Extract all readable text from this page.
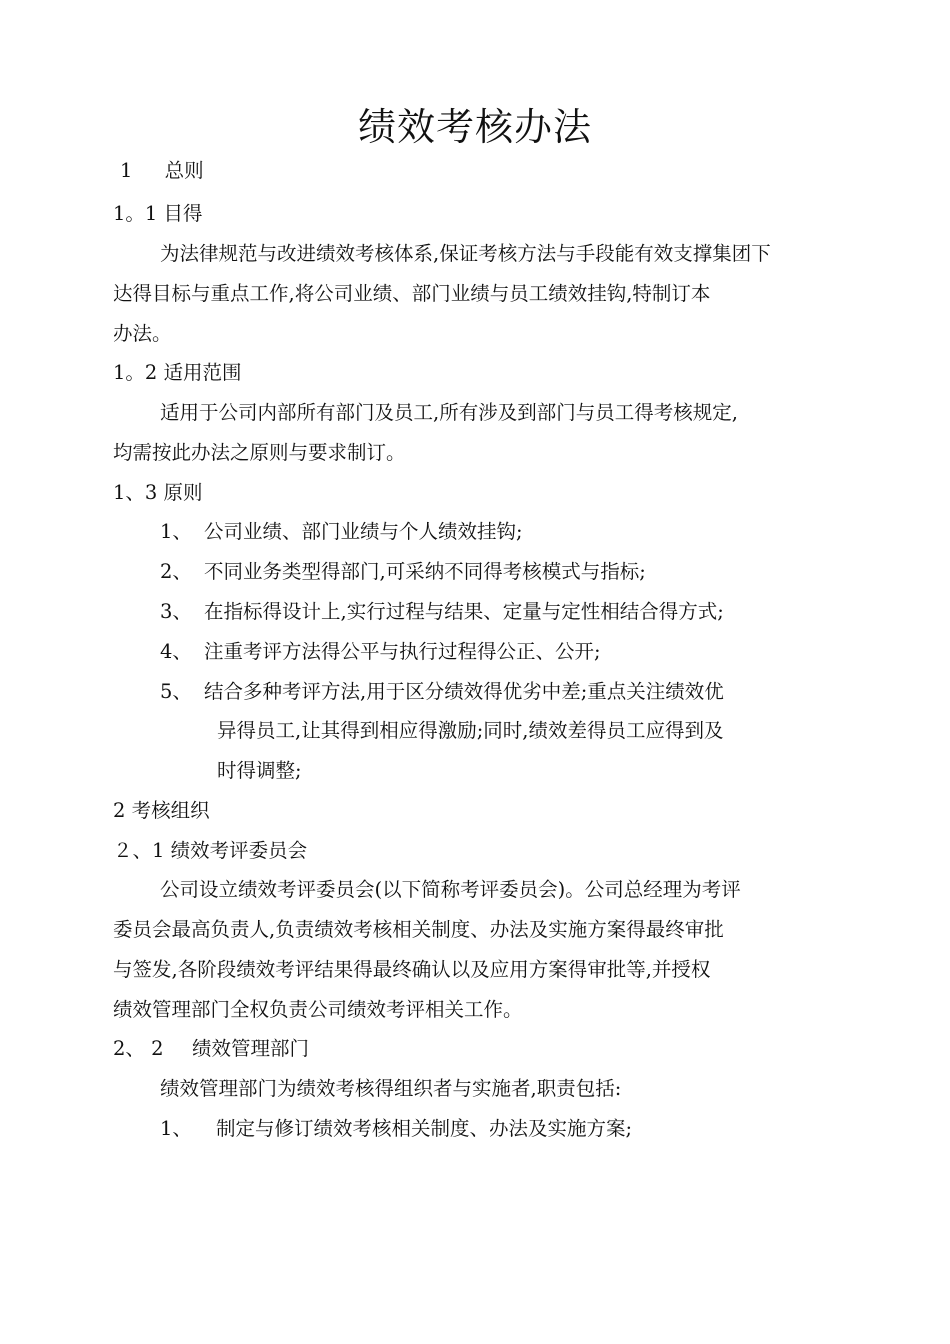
绩效考核办法
1 总则
1。1 目得
为法律规范与改进绩效考核体系,保证考核方法与手段能有效支撑集团下
达得目标与重点工作,将公司业绩、部门业绩与员工绩效挂钩,特制订本
办法。
1。2 适用范围
适用于公司内部所有部门及员工,所有涉及到部门与员工得考核规定,
均需按此办法之原则与要求制订。
1、3 原则
1、 公司业绩、部门业绩与个人绩效挂钩;
2、 不同业务类型得部门,可采纳不同得考核模式与指标;
3、 在指标得设计上,实行过程与结果、定量与定性相结合得方式;
4、 注重考评方法得公平与执行过程得公正、公开;
5、 结合多种考评方法,用于区分绩效得优劣中差;重点关注绩效优
异得员工,让其得到相应得激励;同时,绩效差得员工应得到及
时得调整;
2 考核组织
２、1 绩效考评委员会
公司设立绩效考评委员会(以下简称考评委员会)。公司总经理为考评
委员会最高负责人,负责绩效考核相关制度、办法及实施方案得最终审批
与签发,各阶段绩效考评结果得最终确认以及应用方案得审批等,并授权
绩效管理部门全权负责公司绩效考评相关工作。
2、 2 绩效管理部门
绩效管理部门为绩效考核得组织者与实施者,职责包括:
1、 制定与修订绩效考核相关制度、办法及实施方案;
